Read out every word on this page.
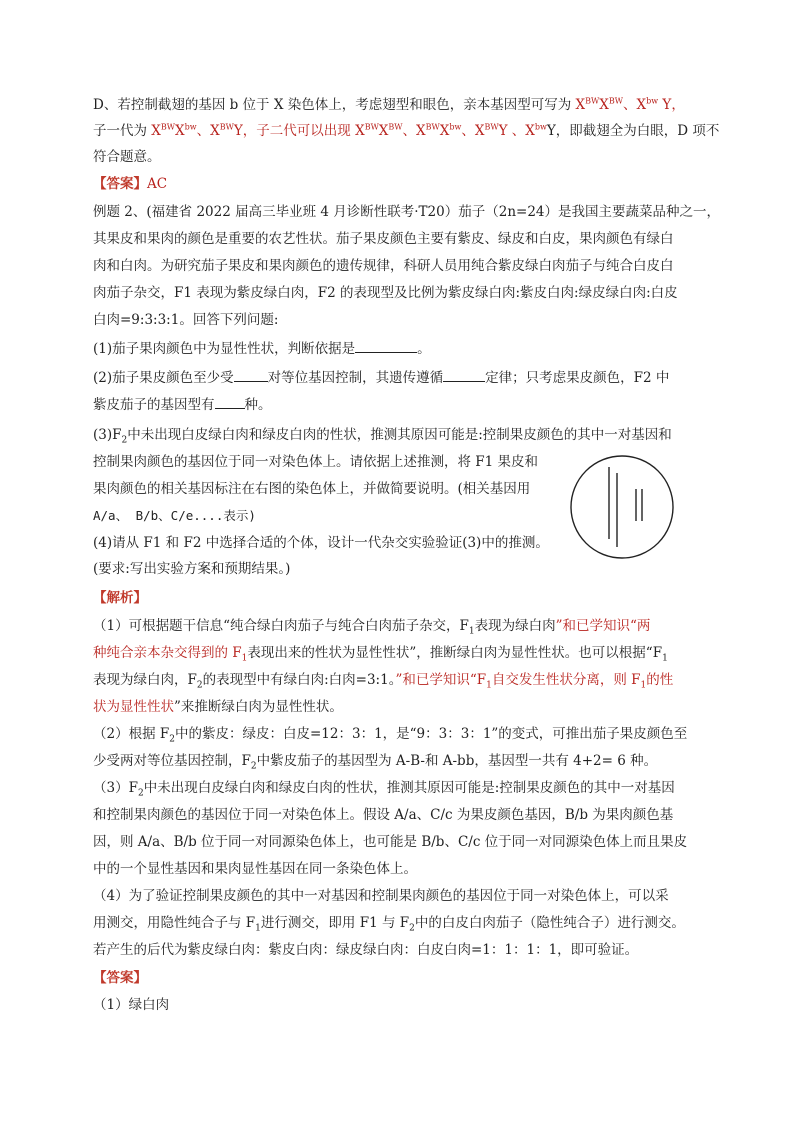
D、若控制截翅的基因 b 位于 X 染色体上，考虑翅型和眼色，亲本基因型可写为 $X^{BW}X^{BW}$、$X^{bw}$ Y，
子一代为 $X^{BW}X^{bw}$、$X^{BW}Y$，子二代可以出现 $X^{BW}X^{BW}$、$X^{BW}X^{bw}$、$X^{BW}Y$ 、$X^{bw}Y$，即截翅全为白眼，D 项不
符合题意。
【答案】AC
例题 2、(福建省 2022 届高三毕业班 4 月诊断性联考·T20）茄子（2n=24）是我国主要蔬菜品种之一，
其果皮和果肉的颜色是重要的农艺性状。茄子果皮颜色主要有紫皮、绿皮和白皮，果肉颜色有绿白
肉和白肉。为研究茄子果皮和果肉颜色的遗传规律，科研人员用纯合紫皮绿白肉茄子与纯合白皮白
肉茄子杂交，F1 表现为紫皮绿白肉，F2 的表现型及比例为紫皮绿白肉:紫皮白肉:绿皮绿白肉:白皮
白肉=9:3:3:1。回答下列问题:
(1)茄子果肉颜色中为显性性状，判断依据是	。
(2)茄子果皮颜色至少受	对等位基因控制，其遗传遵循	定律；只考虑果皮颜色，F2 中
紫皮茄子的基因型有 种。
$(3)F_2$中未出现白皮绿白肉和绿皮白肉的性状，推测其原因可能是:控制果皮颜色的其中一对基因和
控制果肉颜色的基因位于同一对染色体上。请依据上述推测，将 F1 果皮和
果肉颜色的相关基因标注在右图的染色体上，并做简要说明。(相关基因用
A/a、 B/b、C/e....表示)
(4)请从 F1 和 F2 中选择合适的个体，设计一代杂交实验验证(3)中的推测。
(要求:写出实验方案和预期结果。)
【解析】
（1）可根据题干信息“纯合绿白肉茄子与纯合白肉茄子杂交，$F_1$表现为绿白肉”和已学知识“两
种纯合亲本杂交得到的 $F_1$表现出来的性状为显性性状”，推断绿白肉为显性性状。也可以根据“$F_1$
表现为绿白肉，$F_2$的表现型中有绿白肉:白肉=3:1。”和已学知识“$F_1$自交发生性状分离，则 $F_1$的性
状为显性性状”来推断绿白肉为显性性状。
（2）根据 $F_2$中的紫皮：绿皮：白皮=12：3：1，是“9：3：3：1”的变式，可推出茄子果皮颜色至
少受两对等位基因控制，$F_2$中紫皮茄子的基因型为 A-B-和 A-bb，基因型一共有 4+2= 6 种。
$(3)F_2$中未出现白皮绿白肉和绿皮白肉的性状，推测其原因可能是:控制果皮颜色的其中一对基因
和控制果肉颜色的基因位于同一对染色体上。假设 A/a、C/c 为果皮颜色基因，B/b 为果肉颜色基
因，则 A/a、B/b 位于同一对同源染色体上，也可能是 B/b、C/c 位于同一对同源染色体上而且果皮
中的一个显性基因和果肉显性基因在同一条染色体上。
（4）为了验证控制果皮颜色的其中一对基因和控制果肉颜色的基因位于同一对染色体上，可以采
用测交，用隐性纯合子与 $F_1$进行测交，即用 F1 与 $F_2$中的白皮白肉茄子（隐性纯合子）进行测交。
若产生的后代为紫皮绿白肉：紫皮白肉：绿皮绿白肉：白皮白肉=1：1：1：1，即可验证。
【答案】
（1）绿白肉
